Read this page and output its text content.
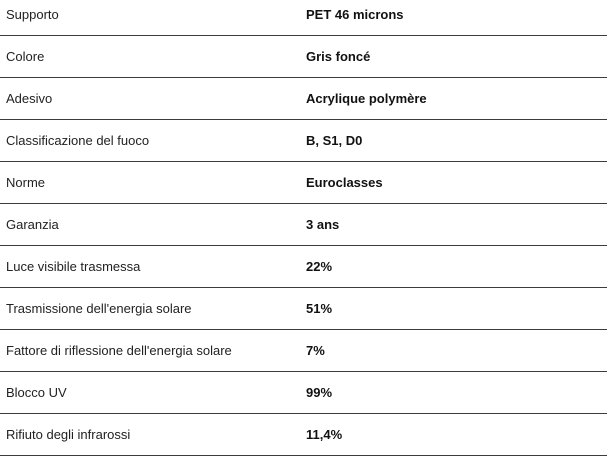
Supporto	PET 46 microns
Colore	Gris foncé
Adesivo	Acrylique polymère
Classificazione del fuoco	B, S1, D0
Norme	Euroclasses
Garanzia	3 ans
Luce visibile trasmessa	22%
Trasmissione dell'energia solare	51%
Fattore di riflessione dell'energia solare	7%
Blocco UV	99%
Rifiuto degli infrarossi	11,4%
